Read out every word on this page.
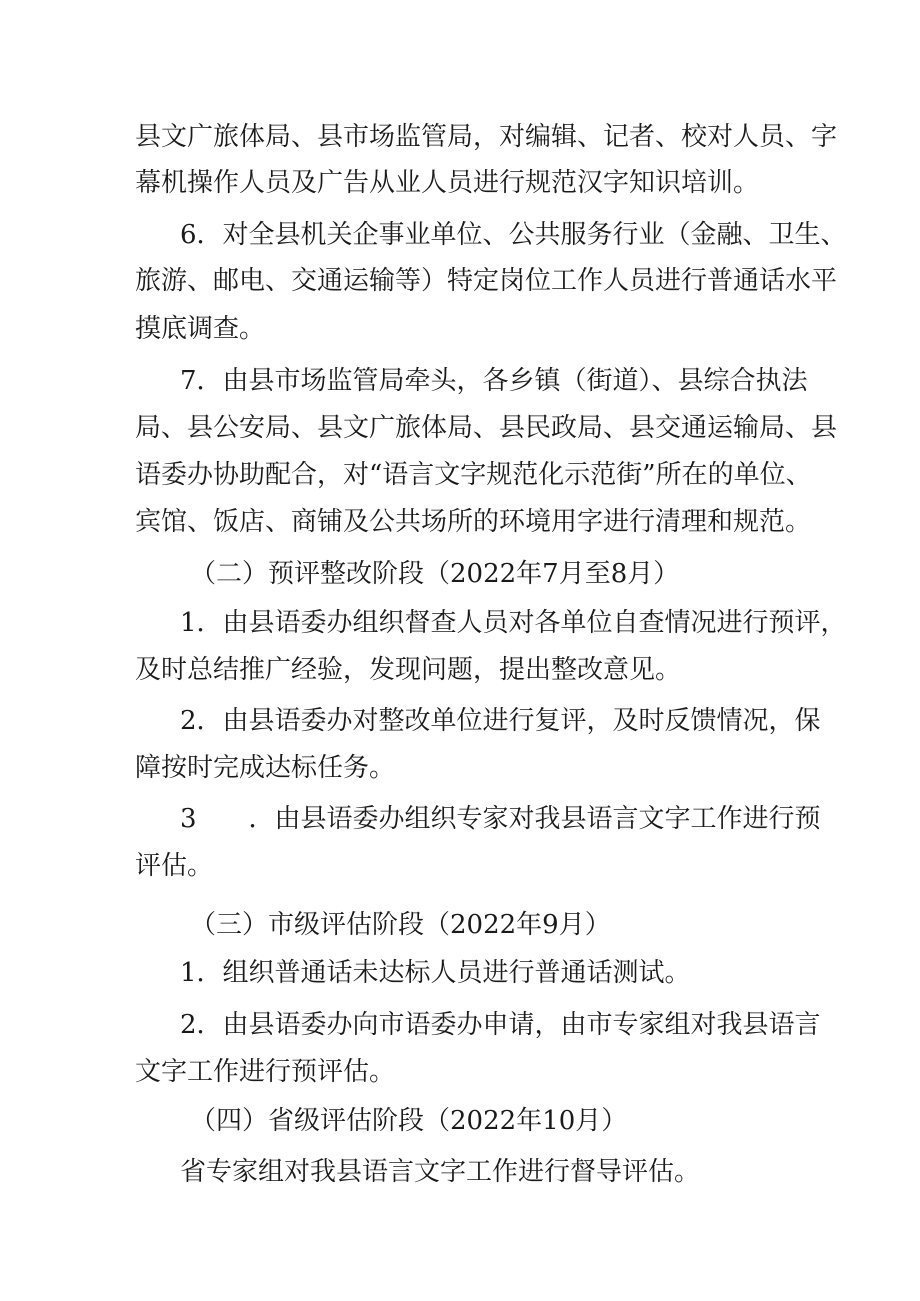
县文广旅体局、县市场监管局，对编辑、记者、校对人员、字
幕机操作人员及广告从业人员进行规范汉字知识培训。
6．对全县机关企事业单位、公共服务行业（金融、卫生、
旅游、邮电、交通运输等）特定岗位工作人员进行普通话水平
摸底调查。
7．由县市场监管局牵头，各乡镇（街道）、县综合执法
局、县公安局、县文广旅体局、县民政局、县交通运输局、县
语委办协助配合，对“语言文字规范化示范街”所在的单位、
宾馆、饭店、商铺及公共场所的环境用字进行清理和规范。
（二）预评整改阶段（2022年7月至8月）
1．由县语委办组织督查人员对各单位自查情况进行预评，
及时总结推广经验，发现问题，提出整改意见。
2．由县语委办对整改单位进行复评，及时反馈情况，保
障按时完成达标任务。
3　　．由县语委办组织专家对我县语言文字工作进行预
评估。
（三）市级评估阶段（2022年9月）
1．组织普通话未达标人员进行普通话测试。
2．由县语委办向市语委办申请，由市专家组对我县语言
文字工作进行预评估。
（四）省级评估阶段（2022年10月）
省专家组对我县语言文字工作进行督导评估。
